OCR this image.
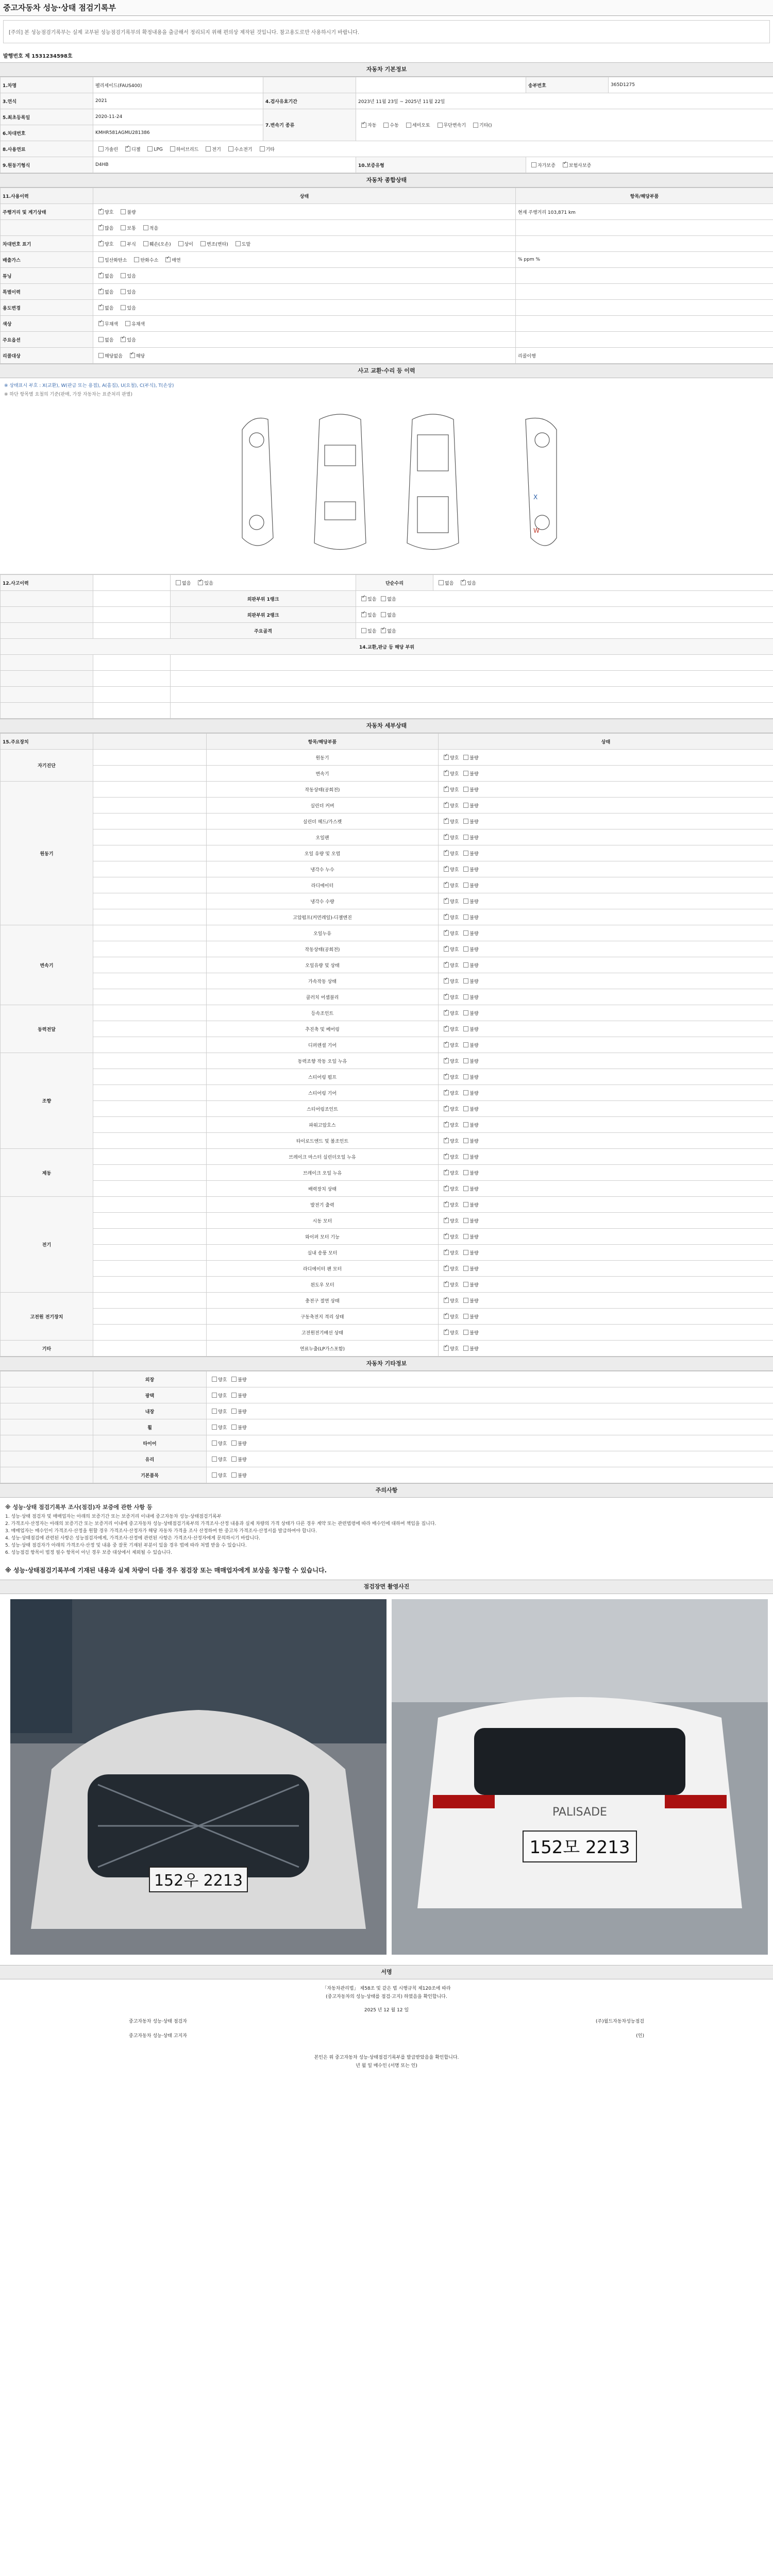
중고자동차 성능·상태 점검기록부
[주의] 본 성능점검기록부는 실제 교부된 성능점검기록부의 확정내용을 출금해서 정리되지 위해 편의상 제작된 것입니다. 참고용도로만 사용하시기 바랍니다.
발행번호 제 1531234598호
자동차 기본정보
1.차명	펠리세이드(FAUS400)			송부번호	365D1275
3.연식	2021	4.검사유효기간	2023년 11월 23일 ~ 2025년 11월 22일		
5.최초등록일	2020-11-24	7.변속기 종류	✓자동 수동 세미오토 무단변속기 기타()
6.차대번호	KMHR581AGMU281386				
8.사용연료	가솔린 ✓ 디젤 LPG 하이브리드 전기 수소전기 기타
9.원동기형식	D4HB		10.보증유형	자가보증 ✓ 보험사보증
자동차 종합상태
11.사용이력	상태	항목/해당부품
주행거리 및 계기상태	✓양호 불량	현재 주행거리 103,871 km
	✓많음 보통 적음	
차대번호 표기	✓양호 부식 훼손(오손) 상이 변조(변타) 도말	
배출가스	일산화탄소 탄화수소 ✓ 매연	% ppm %
튜닝	✓없음 있음	
특별이력	✓없음 있음	
용도변경	✓없음 있음	
색상	✓무채색 유채색	
주요옵션	없음 ✓ 있음	
리콜대상	해당없음 ✓ 해당	리콜이행
사고 교환·수리 등 이력
※ 상태표시 부호 : X(교환), W(판금 또는 용접), A(흠집), U(요철), C(부식), T(손상)
※ 하단 항목별 요철의 기준(판매, 가장 자동차는 표준처리 판별)
X
W
12.사고이력		없음 ✓ 있음	단순수리	없음 ✓ 있음
		외판부위 1랭크	✓있음 없음
		외판부위 2랭크	✓있음 없음
		주요골격	있음 ✓없음
14.교환,판금 등 해당 부위				

자동차 세부상태
15.주요장치		항목/해당부품	상태
자기진단		원동기	✓양호 불량
		변속기	✓양호 불량
원동기		작동상태(공회전)	✓양호 불량
		실린더 커버	✓양호 불량
		실린더 헤드/가스켓	✓양호 불량
		오일팬	✓양호 불량
		오일 유량 및 오염	✓양호 불량
		냉각수 누수	✓양호 불량
		라디에이터	✓양호 불량
		냉각수 수량	✓양호 불량
		고압펌프(커먼레일)-디젤엔진	✓양호 불량
변속기		오일누유	✓양호 불량
		작동상태(공회전)	✓양호 불량
		오일유량 및 상태	✓양호 불량
		가속작동 상태	✓양호 불량
		클러치 어셈블리	✓양호 불량
동력전달		등속조인트	✓양호 불량
		추진축 및 베어링	✓양호 불량
		디퍼렌셜 기어	✓양호 불량
조향		동력조향 작동 오일 누유	✓양호 불량
		스티어링 펌프	✓양호 불량
		스티어링 기어	✓양호 불량
		스티어링조인트	✓양호 불량
		파워고압호스	✓양호 불량
		타이로드엔드 및 볼조인트	✓양호 불량
제동		브레이크 마스터 실린더오일 누유	✓양호 불량
		브레이크 오일 누유	✓양호 불량
		배력장치 상태	✓양호 불량
전기		발전기 출력	✓양호 불량
		시동 모터	✓양호 불량
		와이퍼 모터 기능	✓양호 불량
		실내 송풍 모터	✓양호 불량
		라디에이터 팬 모터	✓양호 불량
		윈도우 모터	✓양호 불량
고전원 전기장치		충전구 절연 상태	✓양호 불량
		구동축전지 격리 상태	✓양호 불량
		고전원전기배선 상태	✓양호 불량
기타		연료누출(LP가스포함)	✓양호 불량
자동차 기타정보
	외장	양호 불량
	광택	양호 불량
	내장	양호 불량
	휠	양호 불량
	타이어	양호 불량
	유리	양호 불량
	기본품목	양호 불량
주의사항
※ 성능·상태 점검기록부 조사(점검)자 보증에 관한 사항 등
1. 성능·상태 점검자 및 매매업자는 아래의 보증기간 또는 보증거리 이내에 중고자동차 성능·상태점검기록부
2. 가격조사·산정자는 아래의 보증기간 또는 보증거리 이내에 중고자동차 성능·상태점검기록부의 가격조사·산정 내용과 실제 차량의 가격 상태가 다른 경우 계약 또는 관련법령에 따라 매수인에 대하여 책임을 집니다.
3. 매매업자는 매수인이 가격조사·산정을 원할 경우 가격조사·산정자가 해당 자동차 가격을 조사 산정하여 한 중고차 가격조사·산정서를 발급하여야 합니다.
4. 성능·상태점검에 관련된 사항은 성능점검자에게, 가격조사·산정에 관련된 사항은 가격조사·산정자에게 문의하시기 바랍니다.
5. 성능·상태 점검자가 아래의 가격조사·산정 및 내용 중 잘못 기재된 부분이 있을 경우 법에 따라 처벌 받을 수 있습니다.
6. 성능점검 항목이 법정 필수 항목이 아닌 경우 보증 대상에서 제외될 수 있습니다.
※ 성능·상태점검기록부에 기재된 내용과 실제 차량이 다를 경우 점검장 또는 매매업자에게 보상을 청구할 수 있습니다.
점검장면 촬영사진
152우 2213
PALISADE
152모 2213
서명
「자동차관리법」 제58조 및 같은 법 시행규칙 제120조에 따라
(중고자동차의 성능·상태를 점검·고지) 하였음을 확인합니다.
2025 년 12 월 12 일
중고자동차 성능·상태 점검자	(주)월드자동차성능점검
중고자동차 성능·상태 고지자	(인)
본인은 위 중고자동차 성능·상태점검기록부를 발급받았음을 확인합니다.
년 월 일 매수인 (서명 또는 인)
